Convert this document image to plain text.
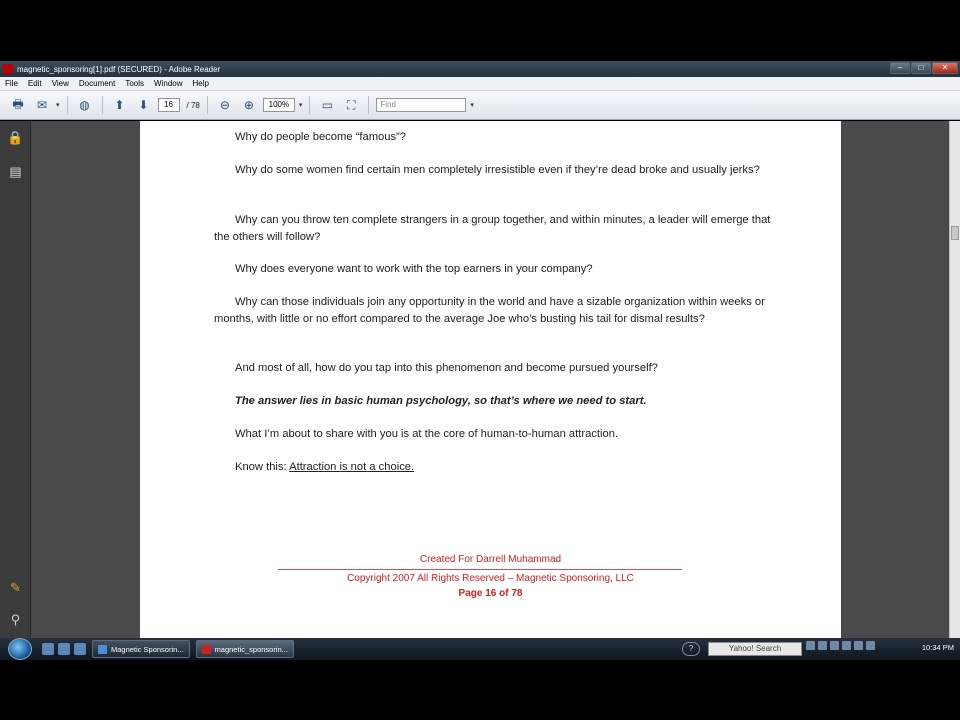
magnetic_sponsoring[1].pdf (SECURED) - Adobe Reader	–	□	✕
File	Edit	View	Document	Tools	Window	Help
🖶	✉	▾	◍	⬆	⬇	16	/ 78	⊖	⊕	100%	▾	▭	⛶	Find	▾
🔒
▤
✎
⚲
Why do people become “famous”?
Why do some women find certain men completely irresistible even if they’re dead broke and usually jerks?
Why can you throw ten complete strangers in a group together, and within minutes, a leader will emerge that the others will follow?
Why does everyone want to work with the top earners in your company?
Why can those individuals join any opportunity in the world and have a sizable organization within weeks or months, with little or no effort compared to the average Joe who’s busting his tail for dismal results?
And most of all, how do you tap into this phenomenon and become pursued yourself?
The answer lies in basic human psychology, so that’s where we need to start.
What I’m about to share with you is at the core of human-to-human attraction.
Know this: Attraction is not a choice.
Created For Darrell Muhammad
Copyright 2007 All Rights Reserved – Magnetic Sponsoring, LLC
Page 16 of 78
Magnetic Sponsorin...	magnetic_sponsorin...	?	Yahoo! Search	10:34 PM
